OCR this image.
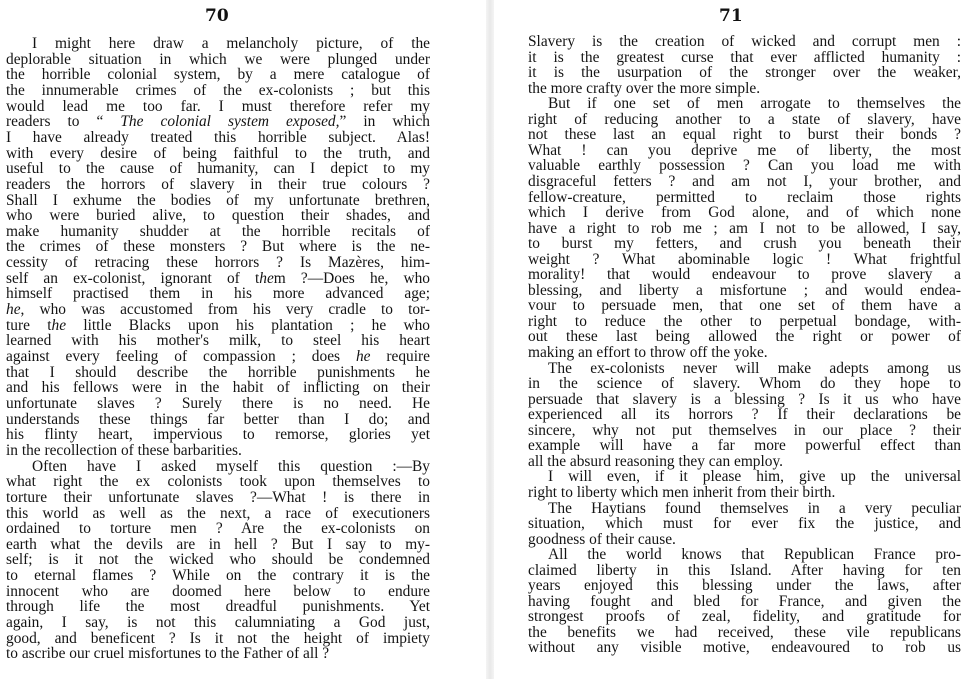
70
I might here draw a melancholy picture, of the
deplorable situation in which we were plunged under
the horrible colonial system, by a mere catalogue of
the innumerable crimes of the ex-colonists ; but this
would lead me too far. I must therefore refer my
readers to “ The colonial system exposed,” in which
I have already treated this horrible subject. Alas!
with every desire of being faithful to the truth, and
useful to the cause of humanity, can I depict to my
readers the horrors of slavery in their true colours ?
Shall I exhume the bodies of my unfortunate brethren,
who were buried alive, to question their shades, and
make humanity shudder at the horrible recitals of
the crimes of these monsters ? But where is the ne-
cessity of retracing these horrors ? Is Mazères, him-
self an ex-colonist, ignorant of them ?—Does he, who
himself practised them in his more advanced age;
he, who was accustomed from his very cradle to tor-
ture the little Blacks upon his plantation ; he who
learned with his mother's milk, to steel his heart
against every feeling of compassion ; does he require
that I should describe the horrible punishments he
and his fellows were in the habit of inflicting on their
unfortunate slaves ? Surely there is no need. He
understands these things far better than I do; and
his flinty heart, impervious to remorse, glories yet
in the recollection of these barbarities.
Often have I asked myself this question :—By
what right the ex colonists took upon themselves to
torture their unfortunate slaves ?—What ! is there in
this world as well as the next, a race of executioners
ordained to torture men ? Are the ex-colonists on
earth what the devils are in hell ? But I say to my-
self; is it not the wicked who should be condemned
to eternal flames ? While on the contrary it is the
innocent who are doomed here below to endure
through life the most dreadful punishments. Yet
again, I say, is not this calumniating a God just,
good, and beneficent ? Is it not the height of impiety
to ascribe our cruel misfortunes to the Father of all ?
71
Slavery is the creation of wicked and corrupt men :
it is the greatest curse that ever afflicted humanity :
it is the usurpation of the stronger over the weaker,
the more crafty over the more simple.
But if one set of men arrogate to themselves the
right of reducing another to a state of slavery, have
not these last an equal right to burst their bonds ?
What ! can you deprive me of liberty, the most
valuable earthly possession ? Can you load me with
disgraceful fetters ? and am not I, your brother, and
fellow-creature, permitted to reclaim those rights
which I derive from God alone, and of which none
have a right to rob me ; am I not to be allowed, I say,
to burst my fetters, and crush you beneath their
weight ? What abominable logic ! What frightful
morality! that would endeavour to prove slavery a
blessing, and liberty a misfortune ; and would endea-
vour to persuade men, that one set of them have a
right to reduce the other to perpetual bondage, with-
out these last being allowed the right or power of
making an effort to throw off the yoke.
The ex-colonists never will make adepts among us
in the science of slavery. Whom do they hope to
persuade that slavery is a blessing ? Is it us who have
experienced all its horrors ? If their declarations be
sincere, why not put themselves in our place ? their
example will have a far more powerful effect than
all the absurd reasoning they can employ.
I will even, if it please him, give up the universal
right to liberty which men inherit from their birth.
The Haytians found themselves in a very peculiar
situation, which must for ever fix the justice, and
goodness of their cause.
All the world knows that Republican France pro-
claimed liberty in this Island. After having for ten
years enjoyed this blessing under the laws, after
having fought and bled for France, and given the
strongest proofs of zeal, fidelity, and gratitude for
the benefits we had received, these vile republicans
without any visible motive, endeavoured to rob us
